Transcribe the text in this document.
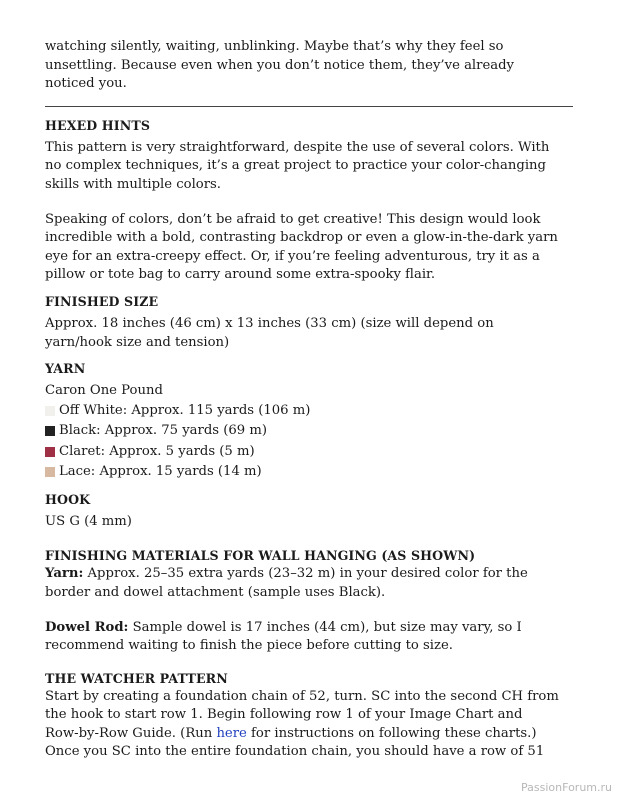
watching silently, waiting, unblinking. Maybe that’s why they feel so

unsettling. Because even when you don’t notice them, they’ve already

noticed you.

HEXED HINTS

This pattern is very straightforward, despite the use of several colors. With

no complex techniques, it’s a great project to practice your color-changing

skills with multiple colors.

Speaking of colors, don’t be afraid to get creative! This design would look

incredible with a bold, contrasting backdrop or even a glow-in-the-dark yarn

eye for an extra-creepy effect. Or, if you’re feeling adventurous, try it as a

pillow or tote bag to carry around some extra-spooky flair.

FINISHED SIZE

Approx. 18 inches (46 cm) x 13 inches (33 cm) (size will depend on

yarn/hook size and tension)

YARN

Caron One Pound

Off White: Approx. 115 yards (106 m)
Black: Approx. 75 yards (69 m)
Claret: Approx. 5 yards (5 m)
Lace: Approx. 15 yards (14 m)
HOOK

US G (4 mm)

FINISHING MATERIALS FOR WALL HANGING (AS SHOWN)

Yarn: Approx. 25–35 extra yards (23–32 m) in your desired color for the

border and dowel attachment (sample uses Black).

Dowel Rod: Sample dowel is 17 inches (44 cm), but size may vary, so I

recommend waiting to finish the piece before cutting to size.

THE WATCHER PATTERN

Start by creating a foundation chain of 52, turn. SC into the second CH from

the hook to start row 1. Begin following row 1 of your Image Chart and

Row-by-Row Guide. (Run here for instructions on following these charts.)

Once you SC into the entire foundation chain, you should have a row of 51

PassionForum.ru
